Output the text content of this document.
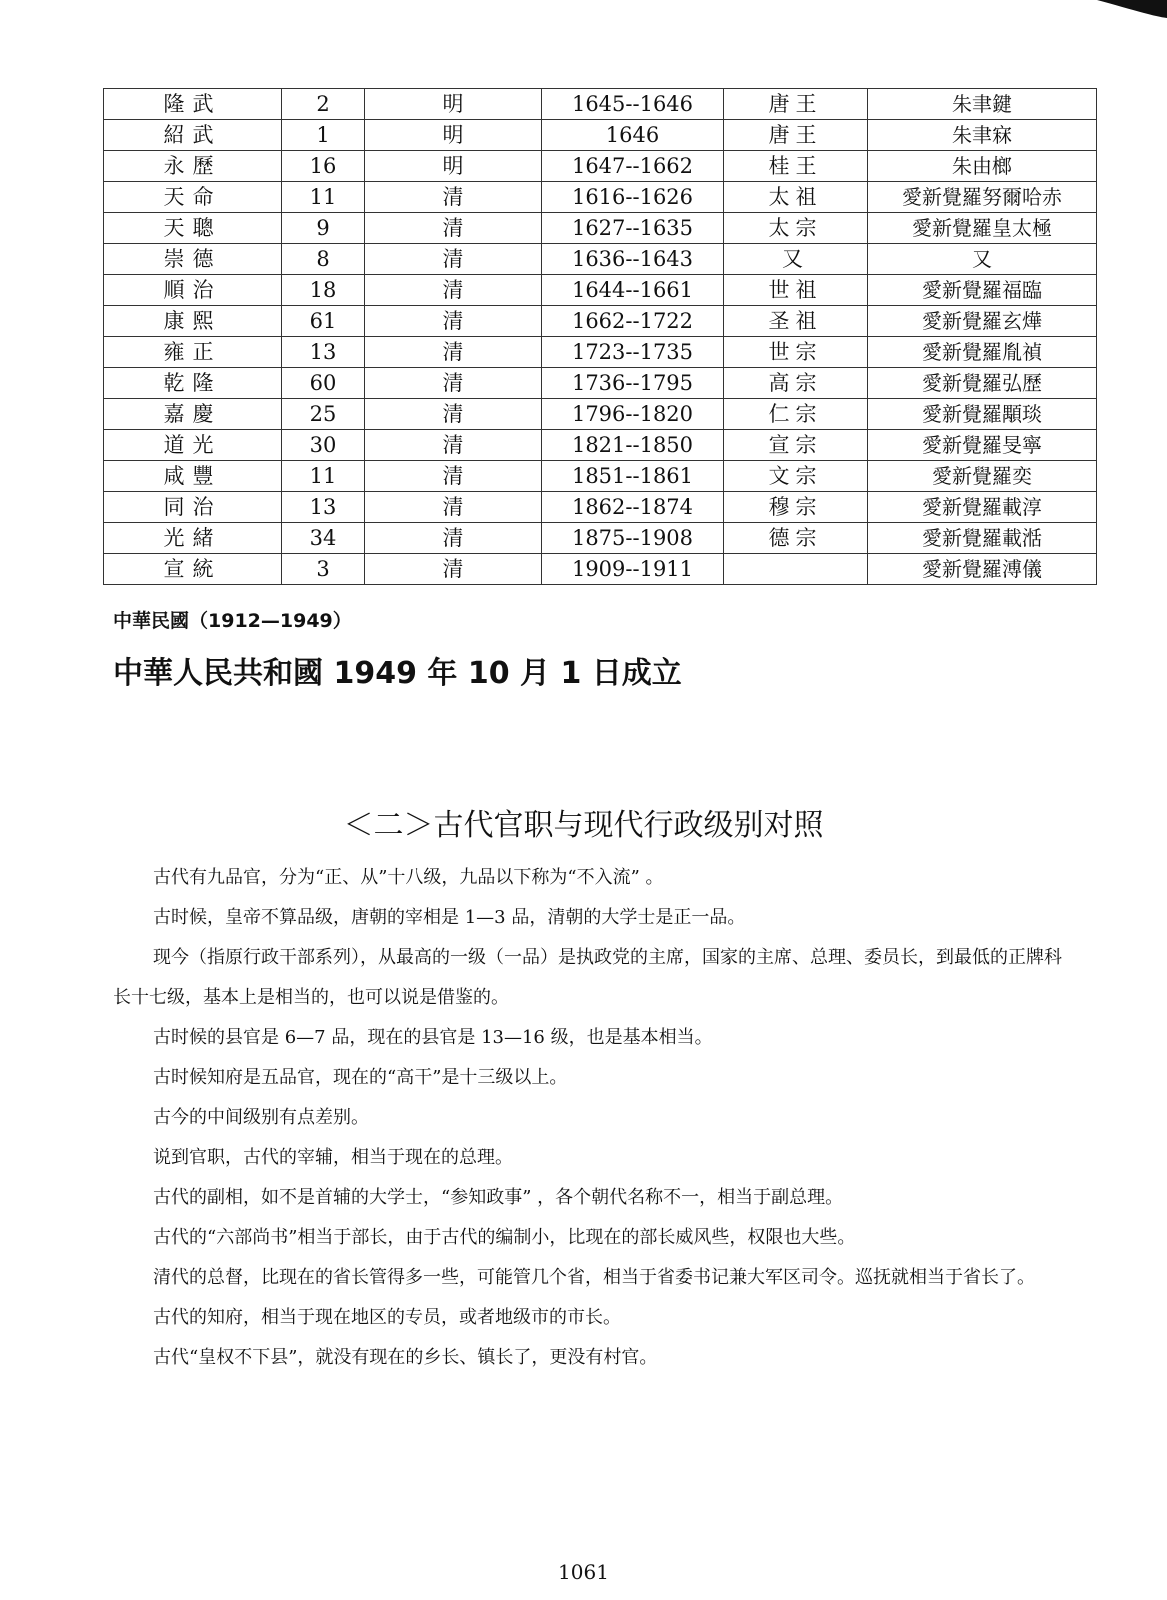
隆武	2	明	1645--1646	唐王	朱聿鍵
紹武	1	明	1646	唐王	朱聿㝝
永歷	16	明	1647--1662	桂王	朱由榔
天命	11	清	1616--1626	太祖	愛新覺羅努爾哈赤
天聰	9	清	1627--1635	太宗	愛新覺羅皇太極
崇德	8	清	1636--1643	又	又
順治	18	清	1644--1661	世祖	愛新覺羅福臨
康熙	61	清	1662--1722	圣祖	愛新覺羅玄燁
雍正	13	清	1723--1735	世宗	愛新覺羅胤禎
乾隆	60	清	1736--1795	高宗	愛新覺羅弘歷
嘉慶	25	清	1796--1820	仁宗	愛新覺羅顒琰
道光	30	清	1821--1850	宣宗	愛新覺羅旻寧
咸豐	11	清	1851--1861	文宗	愛新覺羅奕
同治	13	清	1862--1874	穆宗	愛新覺羅載淳
光緒	34	清	1875--1908	德宗	愛新覺羅載湉
宣統	3	清	1909--1911		愛新覺羅溥儀
中華民國（1912—1949）
中華人民共和國 1949 年 10 月 1 日成立
＜二＞古代官职与现代行政级别对照

古代有九品官，分为“正、从”十八级，九品以下称为“不入流” 。

古时候，皇帝不算品级，唐朝的宰相是 1—3 品，清朝的大学士是正一品。

现今（指原行政干部系列），从最高的一级（一品）是执政党的主席，国家的主席、总理、委员长，到最低的正牌科长十七级，基本上是相当的，也可以说是借鉴的。

古时候的县官是 6—7 品，现在的县官是 13—16 级，也是基本相当。

古时候知府是五品官，现在的“高干”是十三级以上。

古今的中间级别有点差别。

说到官职，古代的宰辅，相当于现在的总理。

古代的副相，如不是首辅的大学士，“参知政事” ，各个朝代名称不一，相当于副总理。

古代的“六部尚书”相当于部长，由于古代的编制小，比现在的部长威风些，权限也大些。

清代的总督，比现在的省长管得多一些，可能管几个省，相当于省委书记兼大军区司令。巡抚就相当于省长了。

古代的知府，相当于现在地区的专员，或者地级市的市长。

古代“皇权不下县”，就没有现在的乡长、镇长了，更没有村官。

1061
